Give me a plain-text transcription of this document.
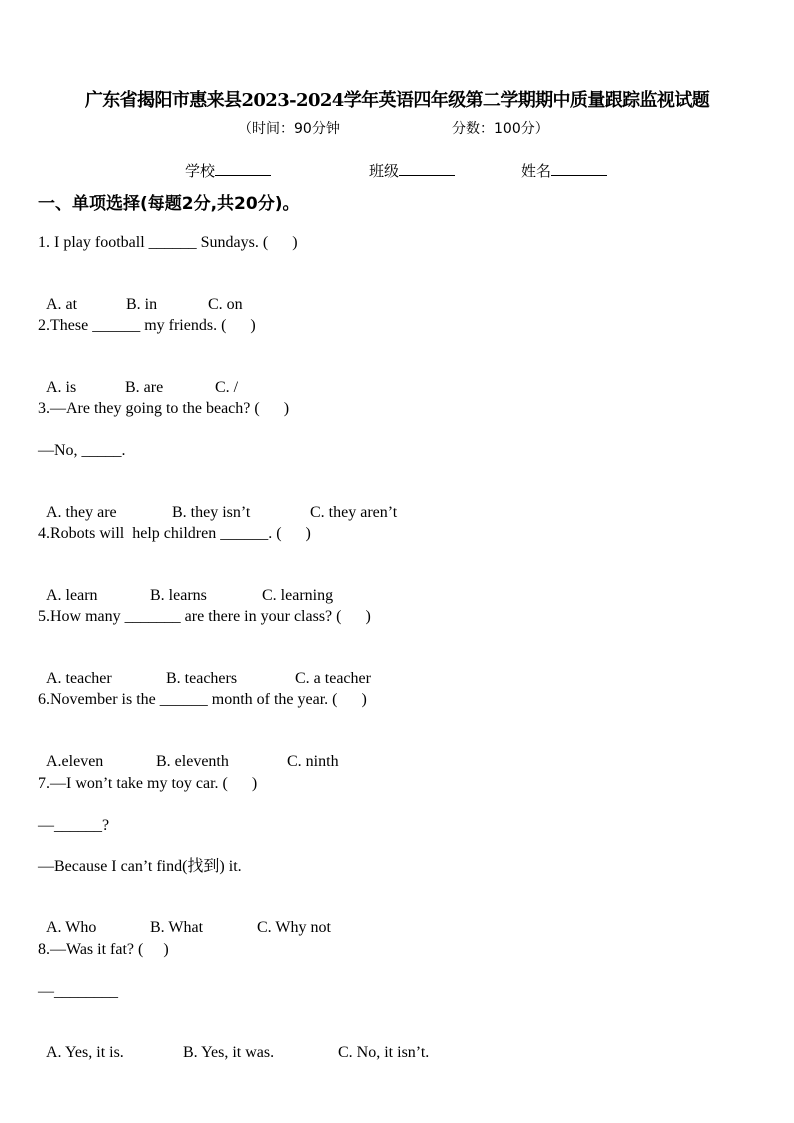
广东省揭阳市惠来县2023-2024学年英语四年级第二学期期中质量跟踪监视试题
（时间：90分钟	分数：100分）
学校	班级	姓名
一、单项选择(每题2分,共20分)。
1. I play football ______ Sundays. (      )

A. at	B. in	C. on

2.These ______ my friends. (      )

A. is	B. are	C. /

3.—Are they going to the beach? (      )
—No, _____.

A. they are	B. they isn’t	C. they aren’t

4.Robots will  help children ______. (      )

A. learn	B. learns	C. learning

5.How many _______ are there in your class? (      )

A. teacher	B. teachers	C. a teacher

6.November is the ______ month of the year. (      )

A.eleven	B. eleventh	C. ninth

7.—I won’t take my toy car. (      )
—______?
—Because I can’t find(找到) it.

A. Who	B. What	C. Why not

8.—Was it fat? (     )
—________

A. Yes, it is.	B. Yes, it was.	C. No, it isn’t.
